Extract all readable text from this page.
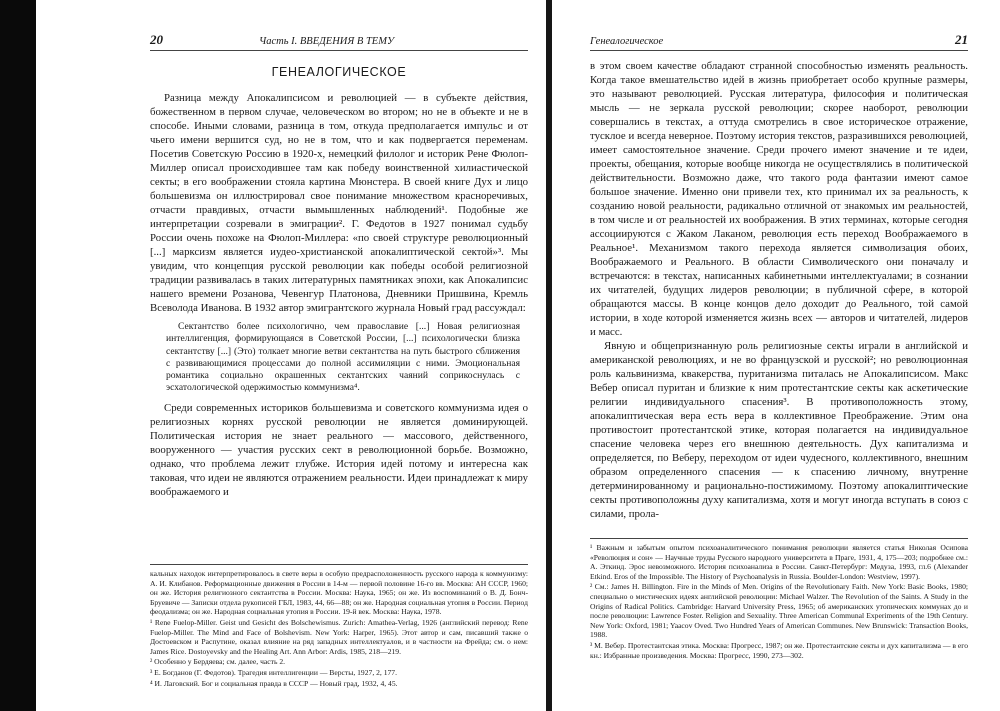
20	Часть I. ВВЕДЕНИЯ В ТЕМУ
ГЕНЕАЛОГИЧЕСКОЕ

Разница между Апокалипсисом и революцией — в субъекте действия, божественном в первом случае, человеческом во втором; но не в объекте и не в способе. Иными словами, разница в том, откуда предполагается импульс и от чьего имени вершится суд, но не в том, что и как подвергается переменам. Посетив Советскую Россию в 1920-х, немецкий филолог и историк Рене Фюлоп-Миллер описал происходившее там как победу воинственной хилиастической секты; в его воображении стояла картина Мюнстера. В своей книге Дух и лицо большевизма он иллюстрировал свое понимание множеством красноречивых, отчасти правдивых, отчасти вымышленных наблюдений¹. Подобные же интерпретации созревали в эмиграции². Г. Федотов в 1927 понимал судьбу России очень похоже на Фюлоп-Миллера: «по своей структуре революционный [...] марксизм является иудео-христианской апокалиптической сектой»³. Мы увидим, что концепция русской революции как победы особой религиозной традиции развивалась в таких литературных памятниках эпохи, как Апокалипсис нашего времени Розанова, Чевенгур Платонова, Дневники Пришвина, Кремль Всеволода Иванова. В 1932 автор эмигрантского журнала Новый град рассуждал:

Сектантство более психологично, чем православие [...] Новая религиозная интеллигенция, формирующаяся в Советской России, [...] психологически близка сектантству [...] (Это) толкает многие ветви сектантства на путь быстрого сближения с развивающимися процессами до полной ассимиляции с ними. Эмоциональная романтика социально окрашенных сектантских чаяний соприкоснулась с эсхатологической одержимостью коммунизма⁴.

Среди современных историков большевизма и советского коммунизма идея о религиозных корнях русской революции не является доминирующей. Политическая история не знает реального — массового, действенного, вооруженного — участия русских сект в революционной борьбе. Возможно, однако, что проблема лежит глубже. История идей потому и интересна как таковая, что идеи не являются отражением реальности. Идеи принадлежат к миру воображаемого и

кальных находок интерпретировалось в свете веры в особую предрасположенность русского народа к коммунизму: А. И. Клибанов. Реформационные движения в России в 14-м — первой половине 16-го вв. Москва: АН СССР, 1960; он же. История религиозного сектантства в России. Москва: Наука, 1965; он же. Из воспоминаний о В. Д. Бонч-Бруевиче — Записки отдела рукописей ГБЛ, 1983, 44, 66—88; он же. Народная социальная утопия в России. Период феодализма; он же. Народная социальная утопия в России. 19-й век. Москва: Наука, 1978.

¹ Rene Fuelop-Miller. Geist und Gesicht des Bolschewismus. Zurich: Amathea-Verlag, 1926 (английский перевод: Rene Fuelop-Miller. The Mind and Face of Bolshevism. New York: Harper, 1965). Этот автор и сам, писавший также о Достоевском и Распутине, оказал влияние на ряд западных интеллектуалов, и в частности на Фрейда; см. о нем: James Rice. Dostoyevsky and the Healing Art. Ann Arbor: Ardis, 1985, 218—219.

² Особенно у Бердяева; см. далее, часть 2.

³ Е. Богданов (Г. Федотов). Трагедия интеллигенции — Версты, 1927, 2, 177.

⁴ И. Лаговский. Бог и социальная правда в СССР — Новый град, 1932, 4, 45.

Генеалогическое	21

в этом своем качестве обладают странной способностью изменять реальность. Когда такое вмешательство идей в жизнь приобретает особо крупные размеры, это называют революцией. Русская литература, философия и политическая мысль — не зеркала русской революции; скорее наоборот, революции совершались в текстах, а оттуда смотрелись в свое историческое отражение, тусклое и всегда неверное. Поэтому история текстов, разразившихся революцией, имеет самостоятельное значение. Среди прочего имеют значение и те идеи, проекты, обещания, которые вообще никогда не осуществлялись в политической действительности. Возможно даже, что такого рода фантазии имеют самое большое значение. Именно они привели тех, кто принимал их за реальность, к созданию новой реальности, радикально отличной от знакомых им реальностей, в том числе и от реальностей их воображения. В этих терминах, которые сегодня ассоциируются с Жаком Лаканом, революция есть переход Воображаемого в Реальное¹. Механизмом такого перехода является символизация обоих, Воображаемого и Реального. В области Символического они поначалу и встречаются: в текстах, написанных кабинетными интеллектуалами; в сознании их читателей, будущих лидеров революции; в публичной сфере, в которой обращаются массы. В конце концов дело доходит до Реального, той самой истории, в ходе которой изменяется жизнь всех — авторов и читателей, лидеров и масс.

Явную и общепризнанную роль религиозные секты играли в английской и американской революциях, и не во французской и русской²; но революционная роль кальвинизма, квакерства, пуританизма питалась не Апокалипсисом. Макс Вебер описал пуритан и близкие к ним протестантские секты как аскетические религии индивидуального спасения³. В противоположность этому, апокалиптическая вера есть вера в коллективное Преображение. Этим она противостоит протестантской этике, которая полагается на индивидуальное спасение человека через его внешнюю деятельность. Дух капитализма и определяется, по Веберу, переходом от идеи чудесного, коллективного, внешним образом определенного спасения — к спасению личному, внутренне детерминированному и рационально-постижимому. Поэтому апокалиптические секты противоположны духу капитализма, хотя и могут иногда вступать в союз с силами, прола-

¹ Важным и забытым опытом психоаналитического понимания революции является статья Николая Осипова «Революция и сон» — Научные труды Русского народного университета в Праге, 1931, 4, 175—203; подробнее см.: А. Эткинд. Эрос невозможного. История психоанализа в России. Санкт-Петербург: Медуза, 1993, гл.6 (Alexander Etkind. Eros of the Impossible. The History of Psychoanalysis in Russia. Boulder-London: Westview, 1997).

² См.: James H. Billington. Fire in the Minds of Men. Origins of the Revolutionary Faith. New York: Basic Books, 1980; специально о мистических идеях английской революции: Michael Walzer. The Revolution of the Saints. A Study in the Origins of Radical Politics. Cambridge: Harvard University Press, 1965; об американских утопических коммунах до и после революции: Lawrence Foster. Religion and Sexuality. Three American Communal Experiments of the 19th Century. New York: Oxford, 1981; Yaacov Oved. Two Hundred Years of American Communes. New Brunswick: Transaction Books, 1988.

³ М. Вебер. Протестантская этика. Москва: Прогресс, 1987; он же. Протестантские секты и дух капитализма — в его кн.: Избранные произведения. Москва: Прогресс, 1990, 273—302.
